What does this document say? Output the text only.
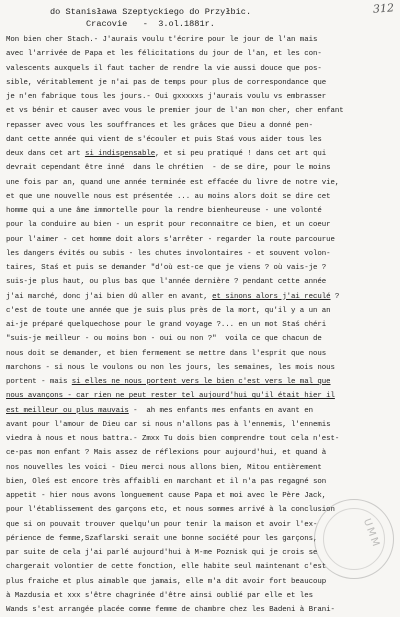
312
do Stanisława Szeptyckiego do Przyłbic.
Cracovie   -  3.ol.1881r.
Mon bien cher Stach.- J'aurais voulu t'écrire pour le jour de l'an mais
avec l'arrivée de Papa et les félicitations du jour de l'an, et les con-
valescents auxquels il faut tacher de rendre la vie aussi douce que pos-
sible, véritablement je n'ai pas de temps pour plus de correspondance que
je n'en fabrique tous les jours.- Oui gxxxxxs j'aurais voulu vs embrasser
et vs bénir et causer avec vous le premier jour de l'an mon cher, cher enfant
repasser avec vous les souffrances et les grâces que Dieu a donné pen-
dant cette année qui vient de s'écouler et puis Staś vous aider tous les
deux dans cet art si indispensable, et si peu pratiqué ! dans cet art qui
devrait cependant être inné  dans le chrétien  - de se dire, pour le moins
une fois par an, quand une année terminée est effacée du livre de notre vie,
et que une nouvelle nous est présentée ... au moins alors doit se dire cet
homme qui a une âme immortelle pour la rendre bienheureuse - une volonté
pour la conduire au bien - un esprit pour reconnaitre ce bien, et un coeur
pour l'aimer - cet homme doit alors s'arrêter - regarder la route parcourue
les dangers évités ou subis - les chutes involontaires - et souvent volon-
taires, Staś et puis se demander "d'où est-ce que je viens ? où vais-je ?
suis-je plus haut, ou plus bas que l'année dernière ? pendant cette année
j'ai marché, donc j'ai bien dû aller en avant, et sinons alors j'ai reculé ?
c'est de toute une année que je suis plus près de la mort, qu'il y a un an
ai-je préparé quelquechose pour le grand voyage ?... en un mot Staś chéri
"suis-je meilleur - ou moins bon - oui ou non ?"  voila ce que chacun de
nous doit se demander, et bien fermement se mettre dans l'esprit que nous
marchons - si nous le voulons ou non les jours, les semaines, les mois nous
portent - mais si elles ne nous portent vers le bien c'est vers le mal que
nous avançons - car rien ne peut rester tel aujourd'hui qu'il était hier il
est meilleur ou plus mauvais -  ah mes enfants mes enfants en avant en
avant pour l'amour de Dieu car si nous n'allons pas à l'ennemis, l'ennemis
viedra à nous et nous battra.- Zmxx Tu dois bien comprendre tout cela n'est-
ce-pas mon enfant ? Mais assez de réflexions pour aujourd'hui, et quand à
nos nouvelles les voici - Dieu merci nous allons bien, Mitou entièrement
bien, Oleś est encore très affaibli en marchant et il n'a pas regagné son
appetit - hier nous avons longuement cause Papa et moi avec le Père Jack,
pour l'établissement des garçons etc, et nous sommes arrivé à la conclusion
que si on pouvait trouver quelqu'un pour tenir la maison et avoir l'ex-
périence de femme,Szaflarski serait une bonne société pour les garçons,
par suite de cela j'ai parlé aujourd'hui à M-me Poznisk qui je crois se
chargerait volontier de cette fonction, elle habite seul maintenant c'est
plus fraiche et plus aimable que jamais, elle m'a dit avoir fort beaucoup
à Mazdusia et xxx s'être chagrinée d'être ainsi oublié par elle et les
Wands s'est arrangée placée comme femme de chambre chez les Badeni à Brani-
UMM
